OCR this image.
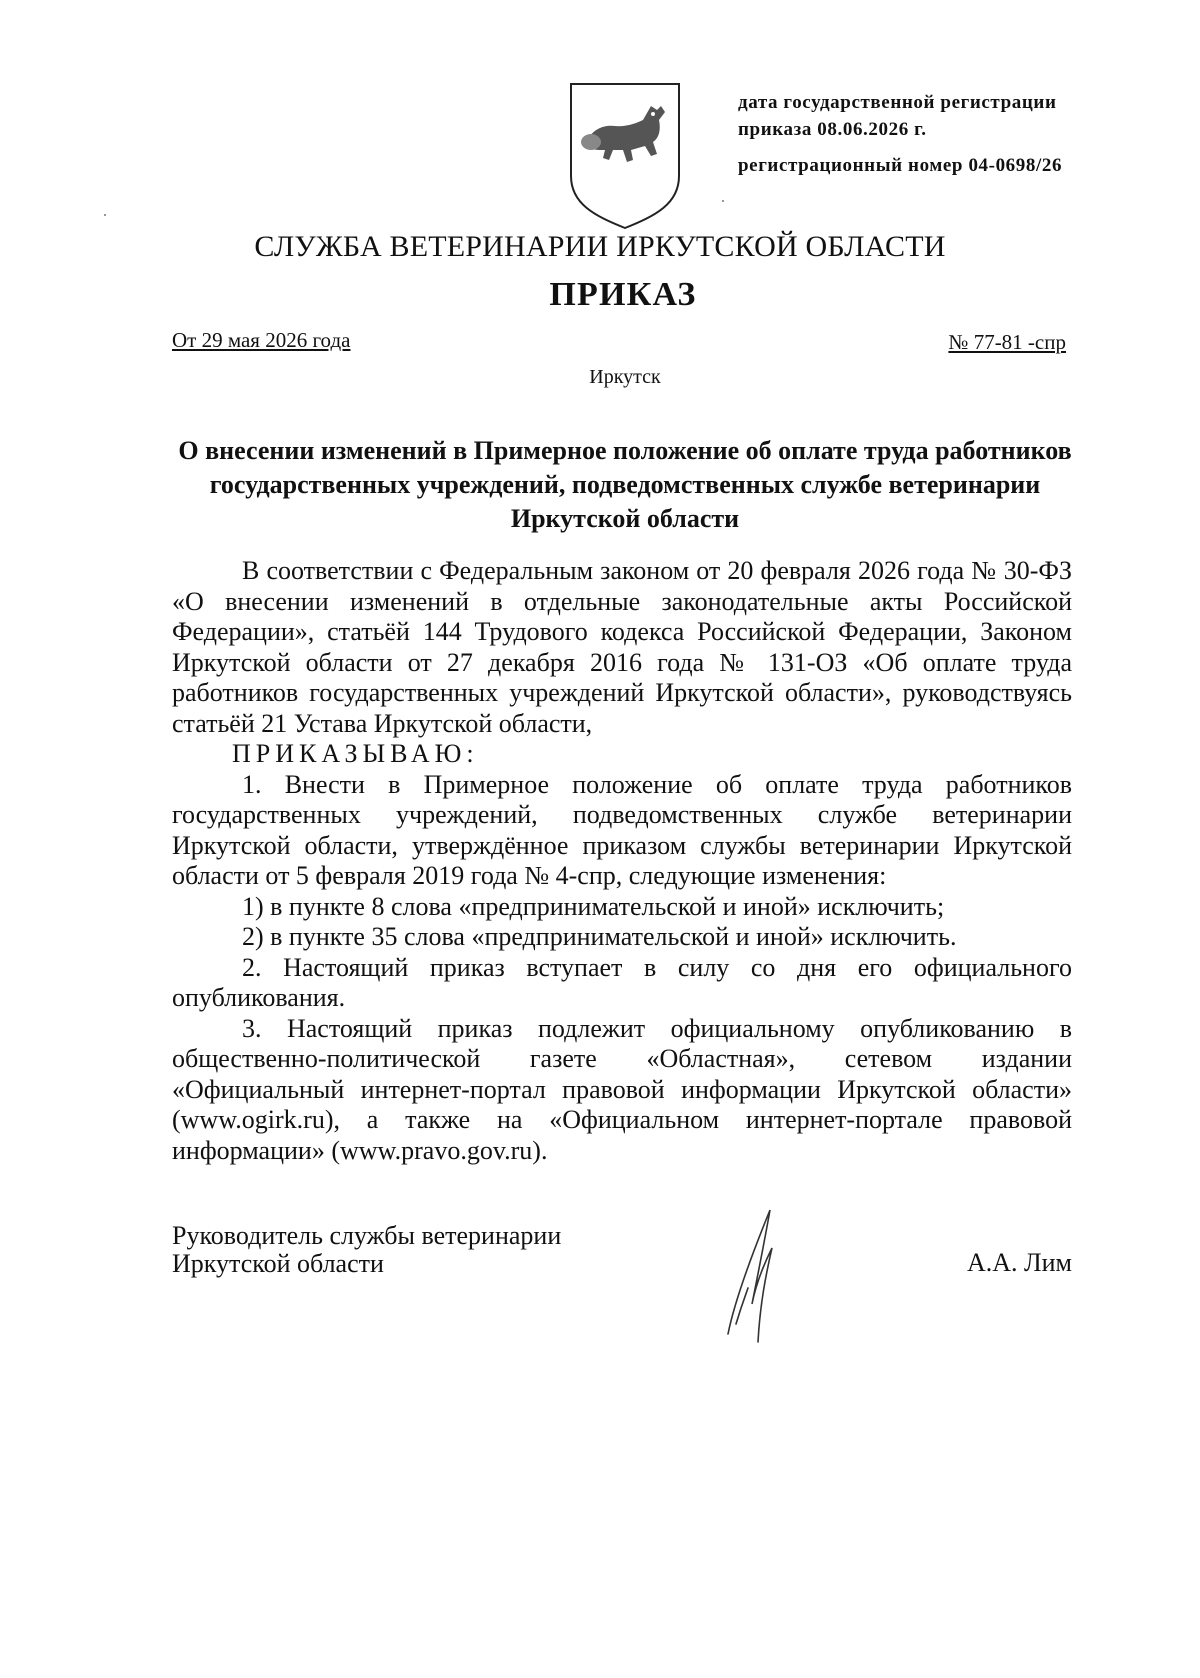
дата государственной регистрации
приказа 08.06.2026 г.
регистрационный номер 04-0698/26
СЛУЖБА ВЕТЕРИНАРИИ ИРКУТСКОЙ ОБЛАСТИ
ПРИКАЗ
От 29 мая 2026 года	№ 77-81 -спр
Иркутск
О внесении изменений в Примерное положение об оплате труда работников государственных учреждений, подведомственных службе ветеринарии Иркутской области

В соответствии с Федеральным законом от 20 февраля 2026 года № 30-ФЗ «О внесении изменений в отдельные законодательные акты Российской Федерации», статьёй 144 Трудового кодекса Российской Федерации, Законом Иркутской области от 27 декабря 2016 года № 131-ОЗ «Об оплате труда работников государственных учреждений Иркутской области», руководствуясь статьёй 21 Устава Иркутской области,

ПРИКАЗЫВАЮ:

1. Внести в Примерное положение об оплате труда работников государственных учреждений, подведомственных службе ветеринарии Иркутской области, утверждённое приказом службы ветеринарии Иркутской области от 5 февраля 2019 года № 4-спр, следующие изменения:

1) в пункте 8 слова «предпринимательской и иной» исключить;

2) в пункте 35 слова «предпринимательской и иной» исключить.

2. Настоящий приказ вступает в силу со дня его официального опубликования.

3. Настоящий приказ подлежит официальному опубликованию в общественно-политической газете «Областная», сетевом издании «Официальный интернет-портал правовой информации Иркутской области» (www.ogirk.ru), а также на «Официальном интернет-портале правовой информации» (www.pravo.gov.ru).

Руководитель службы ветеринарии
Иркутской области	А.А. Лим
